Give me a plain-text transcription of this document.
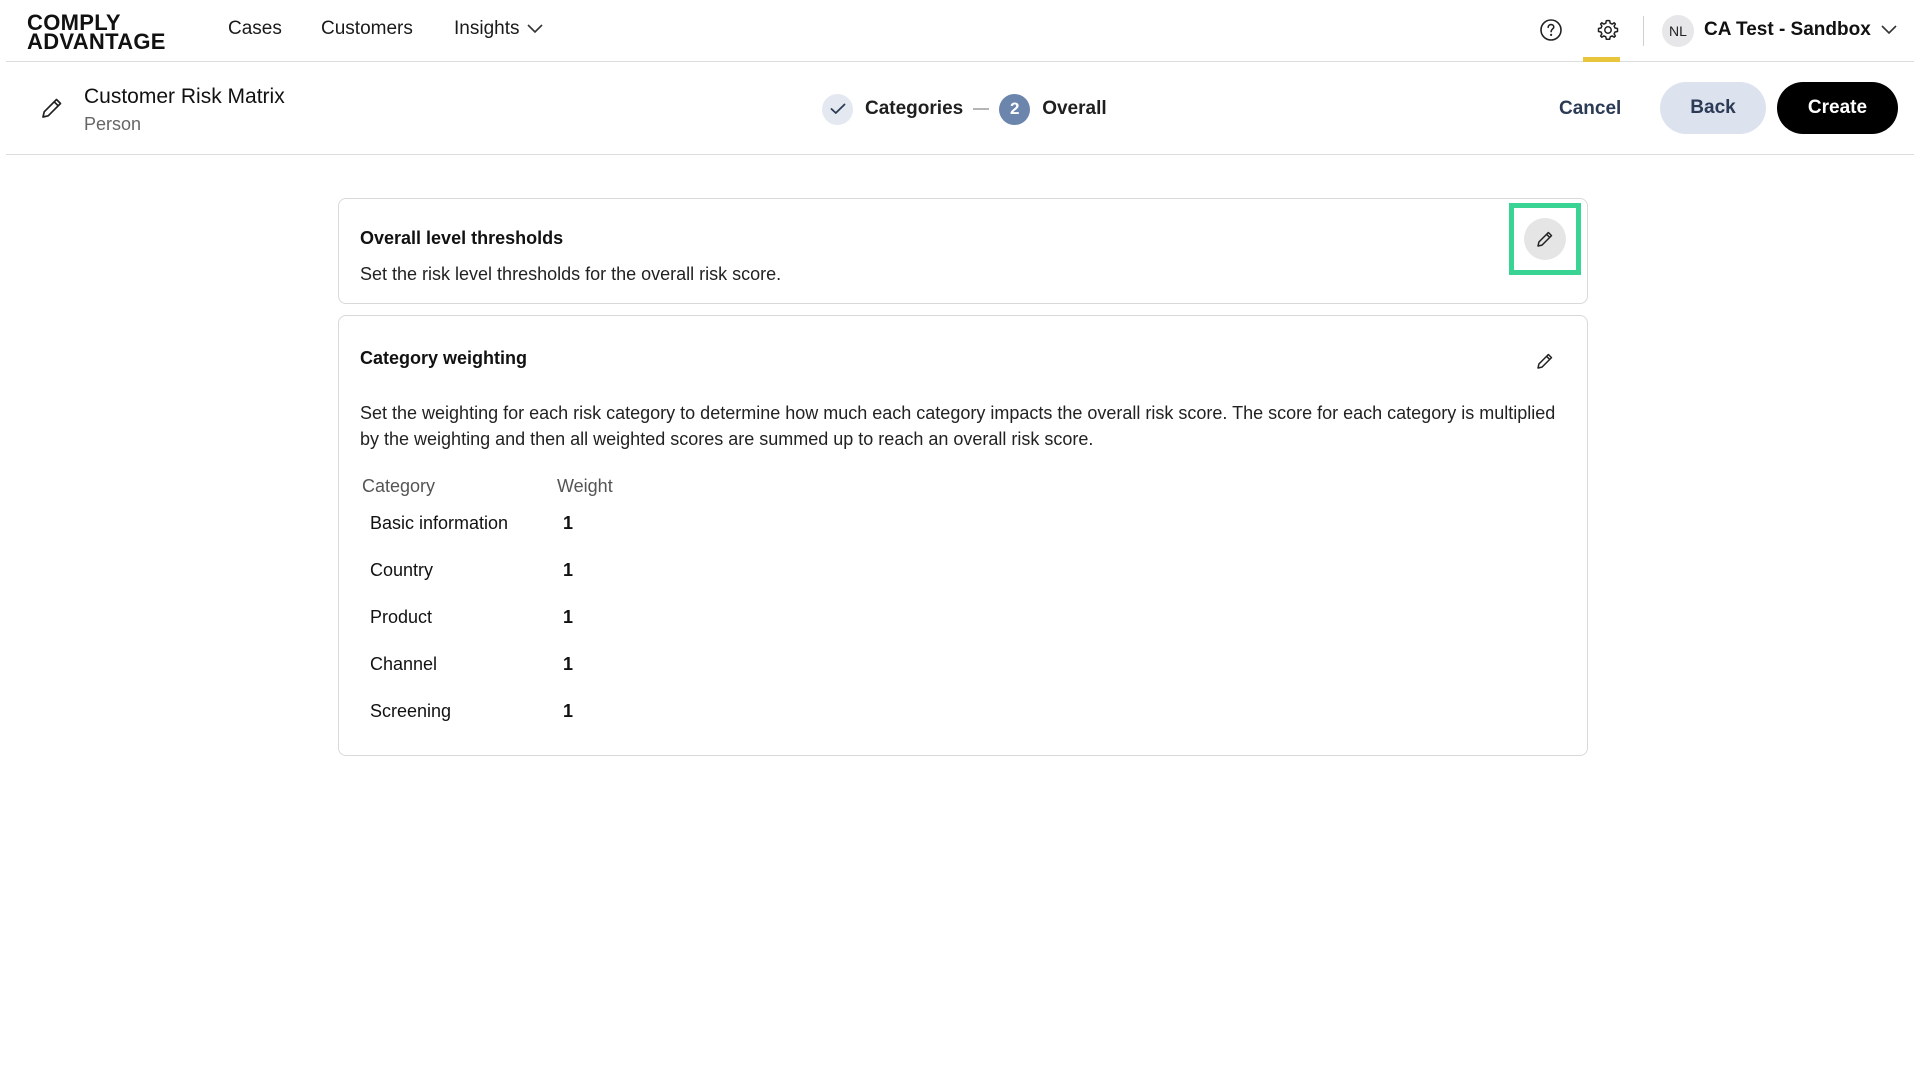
COMPLY
ADVANTAGE
Cases Customers Insights	NL CA Test - Sandbox
Customer Risk Matrix
Person
Categories	2	Overall	Cancel	Back	Create
Overall level thresholds
Set the risk level thresholds for the overall risk score.
Category weighting
Set the weighting for each risk category to determine how much each category impacts the overall risk score. The score for each category is multiplied by the weighting and then all weighted scores are summed up to reach an overall risk score.
Category	Weight
Basic information	1
Country	1
Product	1
Channel	1
Screening	1
